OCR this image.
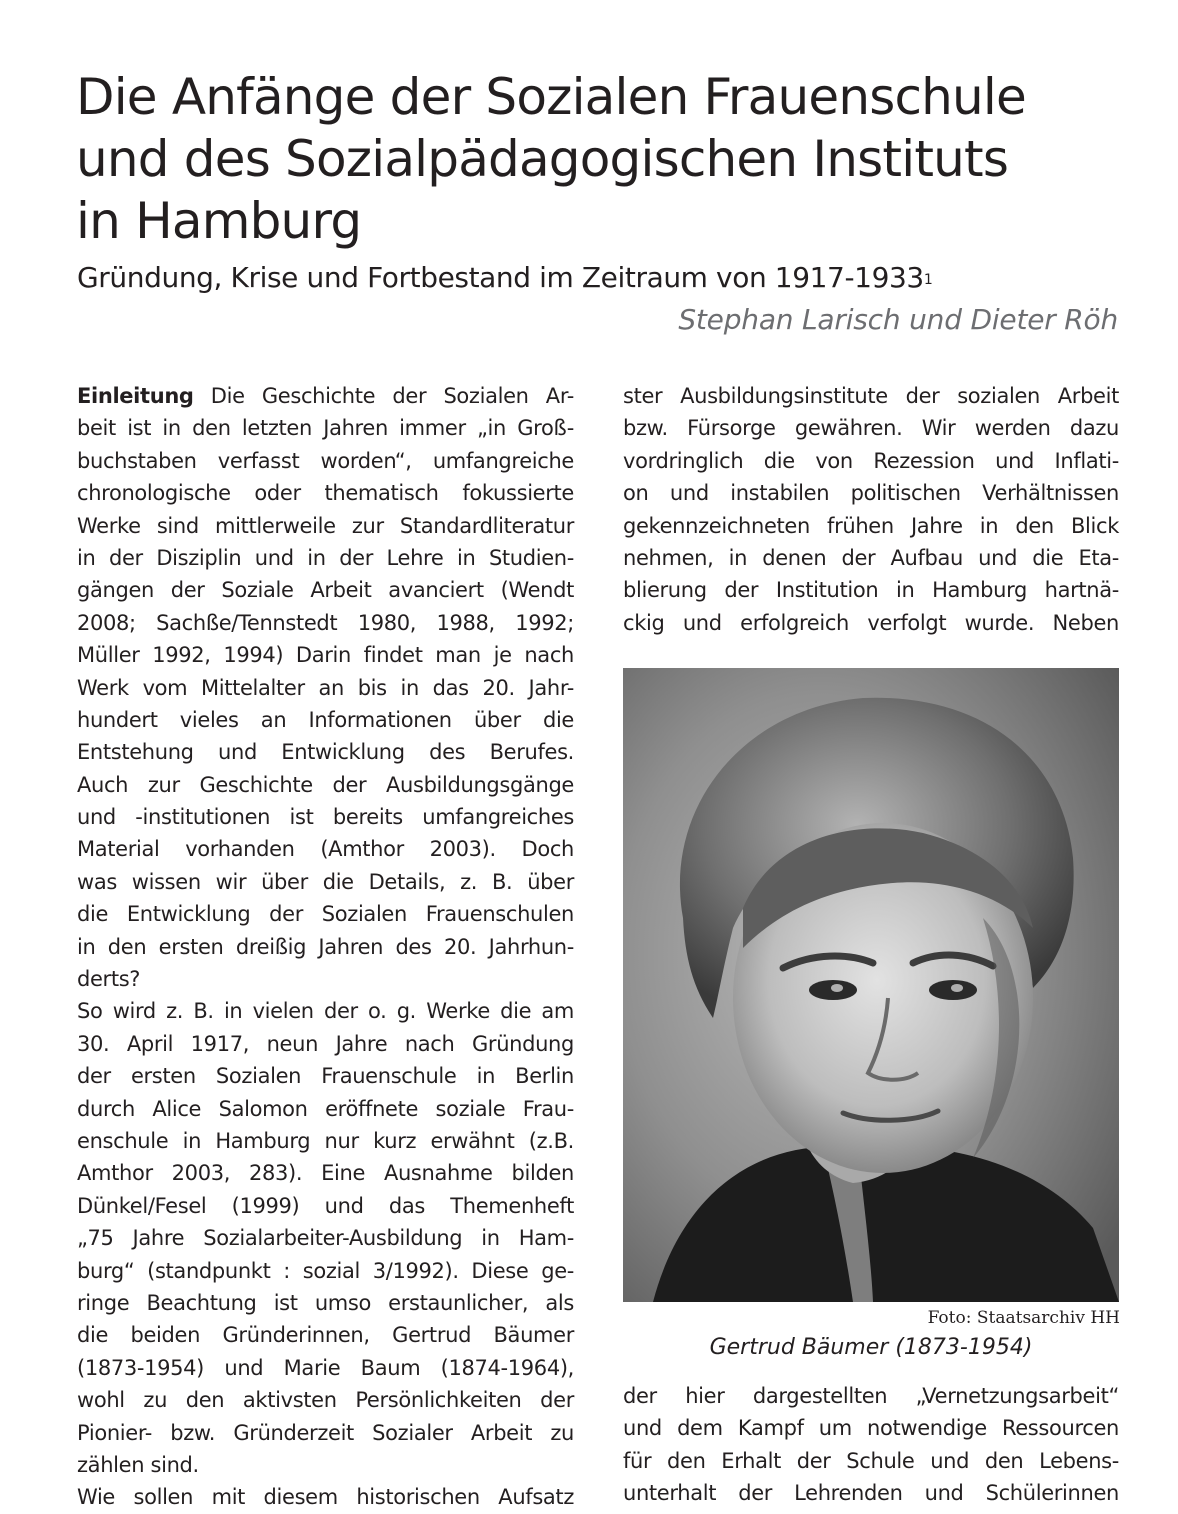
Die Anfänge der Sozialen Frauenschule
und des Sozialpädagogischen Instituts
in Hamburg
Gründung, Krise und Fortbestand im Zeitraum von 1917-1933$^1$
Stephan Larisch und Dieter Röh
Einleitung Die Geschichte der Sozialen Ar-
beit ist in den letzten Jahren immer „in Groß-
buchstaben verfasst worden“, umfangreiche
chronologische oder thematisch fokussierte
Werke sind mittlerweile zur Standardliteratur
in der Disziplin und in der Lehre in Studien-
gängen der Soziale Arbeit avanciert (Wendt
2008; Sachße/Tennstedt 1980, 1988, 1992;
Müller 1992, 1994) Darin findet man je nach
Werk vom Mittelalter an bis in das 20. Jahr-
hundert vieles an Informationen über die
Entstehung und Entwicklung des Berufes.
Auch zur Geschichte der Ausbildungsgänge
und -institutionen ist bereits umfangreiches
Material vorhanden (Amthor 2003). Doch
was wissen wir über die Details, z. B. über
die Entwicklung der Sozialen Frauenschulen
in den ersten dreißig Jahren des 20. Jahrhun-
derts?
So wird z. B. in vielen der o. g. Werke die am
30. April 1917, neun Jahre nach Gründung
der ersten Sozialen Frauenschule in Berlin
durch Alice Salomon eröffnete soziale Frau-
enschule in Hamburg nur kurz erwähnt (z.B.
Amthor 2003, 283). Eine Ausnahme bilden
Dünkel/Fesel (1999) und das Themenheft
„75 Jahre Sozialarbeiter-Ausbildung in Ham-
burg“ (standpunkt : sozial 3/1992). Diese ge-
ringe Beachtung ist umso erstaunlicher, als
die beiden Gründerinnen, Gertrud Bäumer
(1873-1954) und Marie Baum (1874-1964),
wohl zu den aktivsten Persönlichkeiten der
Pionier- bzw. Gründerzeit Sozialer Arbeit zu
zählen sind.
Wie sollen mit diesem historischen Aufsatz
ster Ausbildungsinstitute der sozialen Arbeit
bzw. Fürsorge gewähren. Wir werden dazu
vordringlich die von Rezession und Inflati-
on und instabilen politischen Verhältnissen
gekennzeichneten frühen Jahre in den Blick
nehmen, in denen der Aufbau und die Eta-
blierung der Institution in Hamburg hartnä-
ckig und erfolgreich verfolgt wurde. Neben
Foto: Staatsarchiv HH
Gertrud Bäumer (1873-1954)
der hier dargestellten „Vernetzungsarbeit“
und dem Kampf um notwendige Ressourcen
für den Erhalt der Schule und den Lebens-
unterhalt der Lehrenden und Schülerinnen
